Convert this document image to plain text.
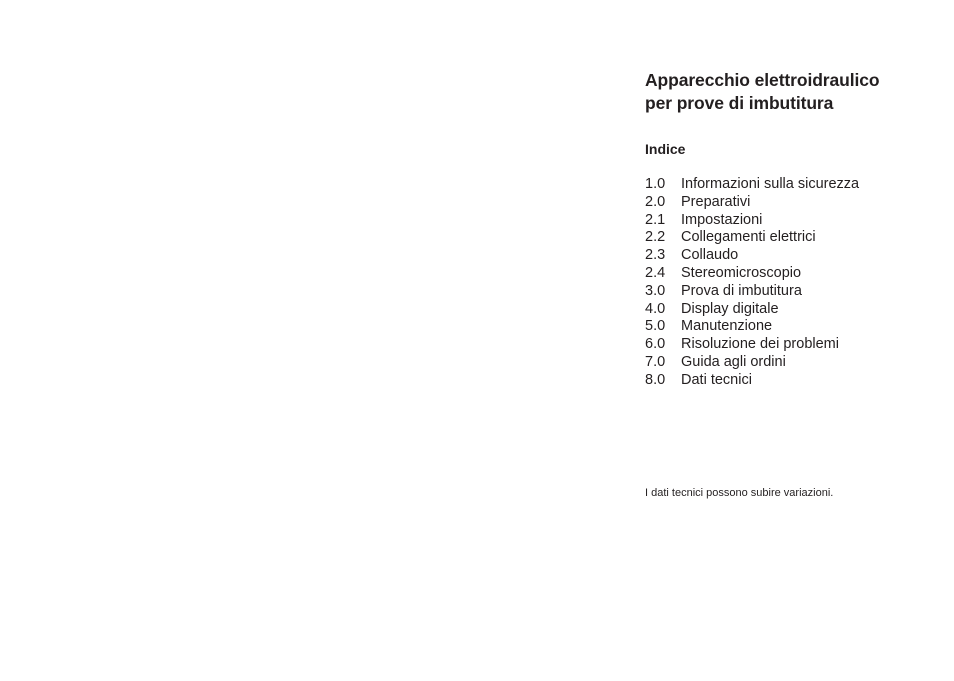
Apparecchio elettroidraulico
per prove di imbutitura
Indice
1.0	Informazioni sulla sicurezza
2.0	Preparativi
2.1	Impostazioni
2.2	Collegamenti elettrici
2.3	Collaudo
2.4	Stereomicroscopio
3.0	Prova di imbutitura
4.0	Display digitale
5.0	Manutenzione
6.0	Risoluzione dei problemi
7.0	Guida agli ordini
8.0	Dati tecnici
I dati tecnici possono subire variazioni.
